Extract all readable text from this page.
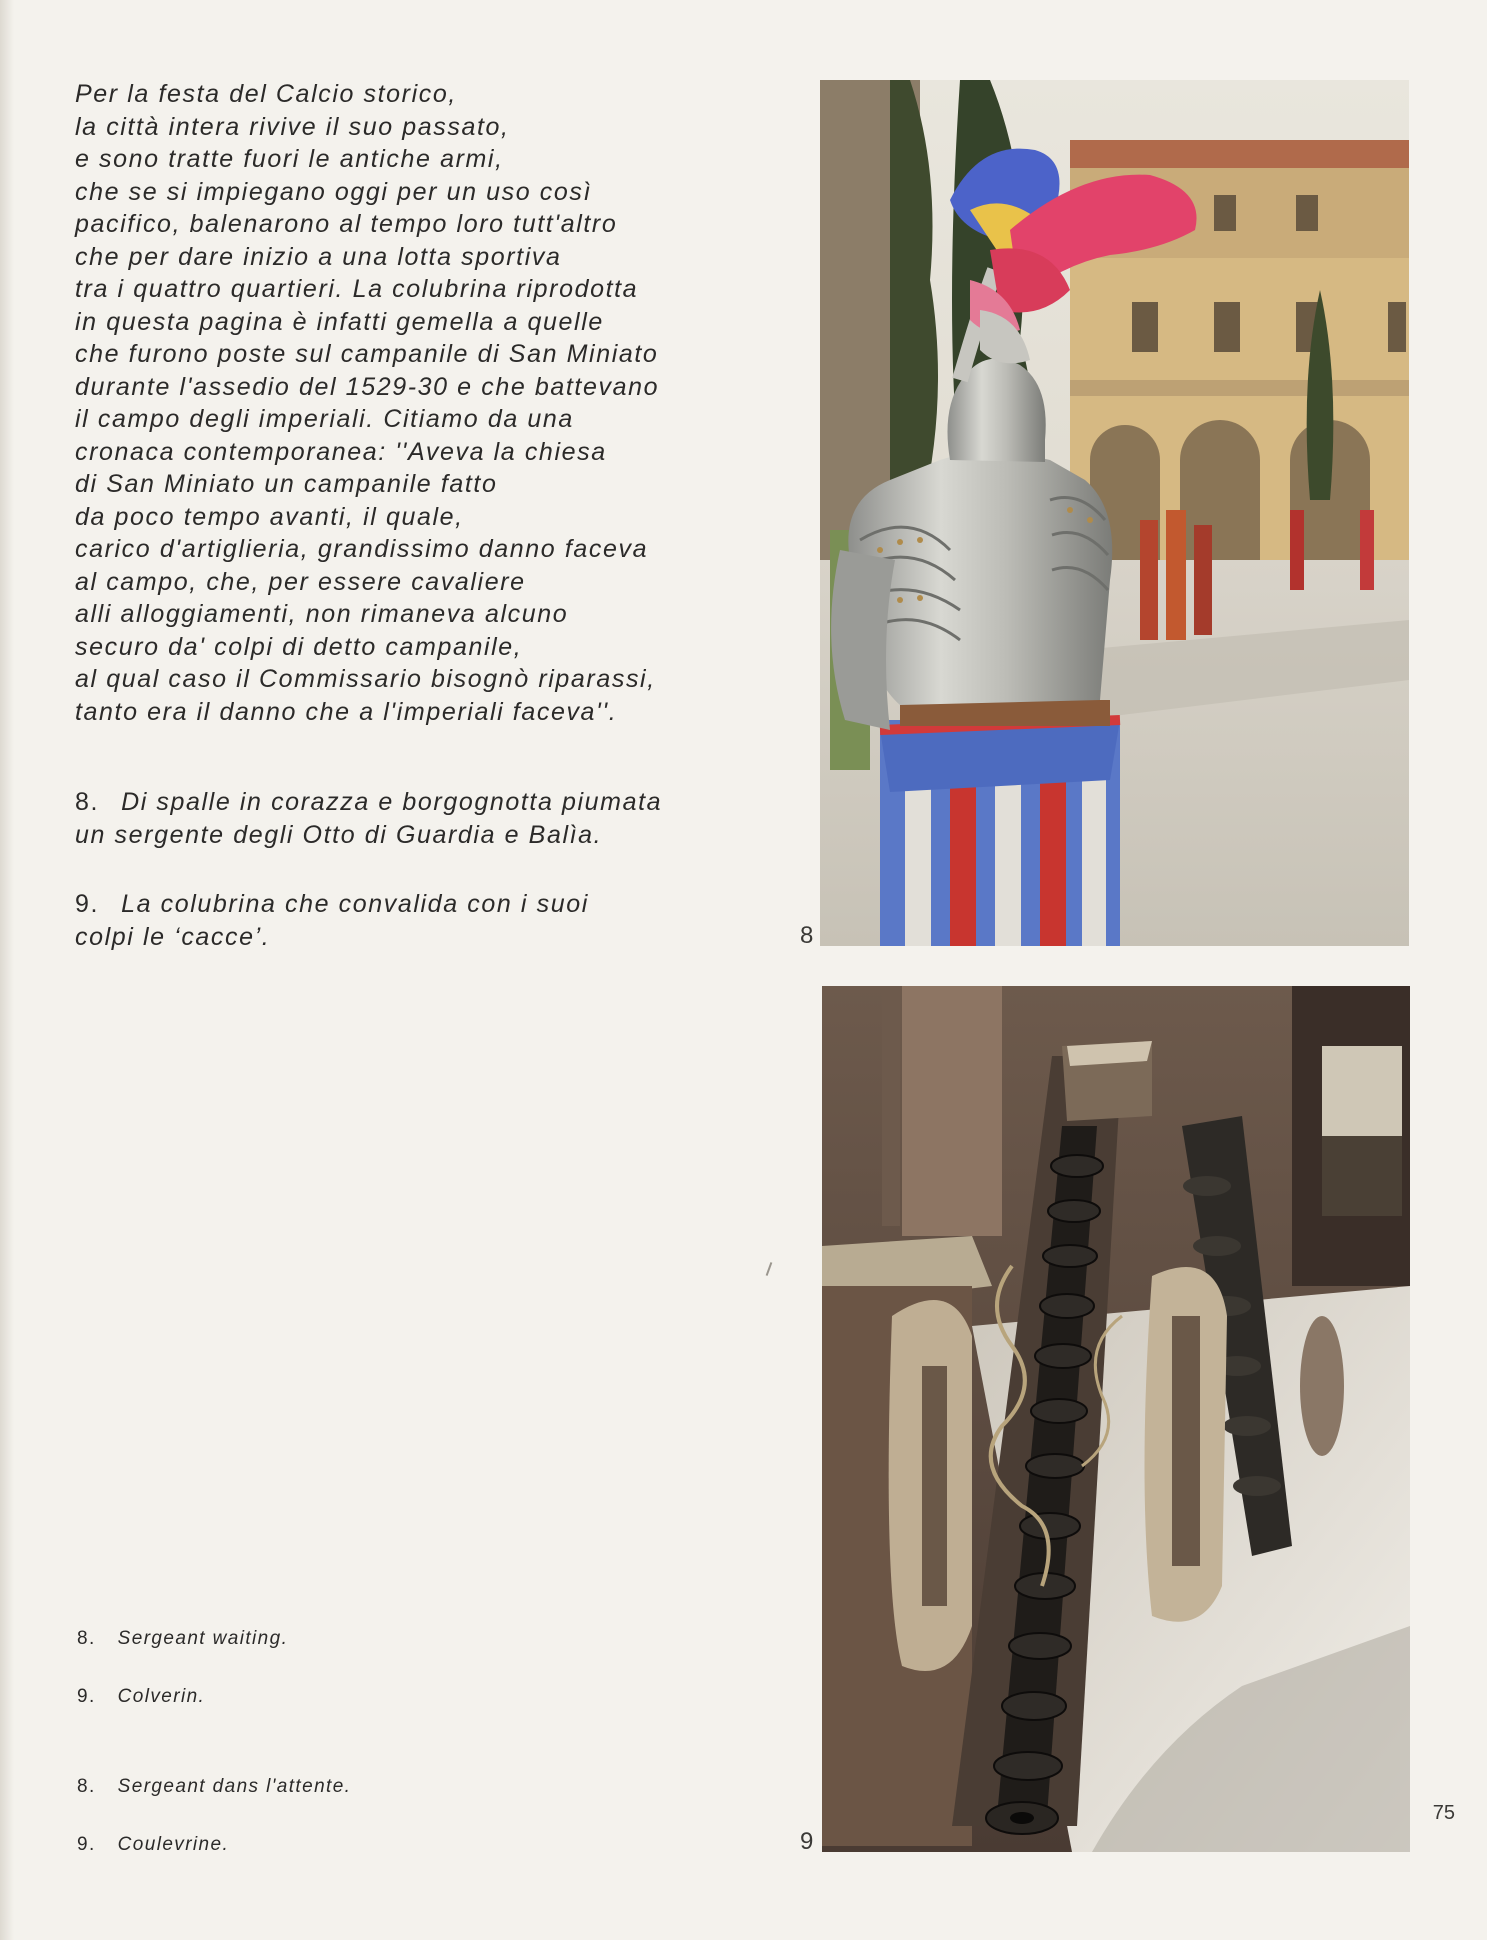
Per la festa del Calcio storico,
la città intera rivive il suo passato,
e sono tratte fuori le antiche armi,
che se si impiegano oggi per un uso così
pacifico, balenarono al tempo loro tutt'altro
che per dare inizio a una lotta sportiva
tra i quattro quartieri. La colubrina riprodotta
in questa pagina è infatti gemella a quelle
che furono poste sul campanile di San Miniato
durante l'assedio del 1529-30 e che battevano
il campo degli imperiali. Citiamo da una
cronaca contemporanea: ''Aveva la chiesa
di San Miniato un campanile fatto
da poco tempo avanti, il quale,
carico d'artiglieria, grandissimo danno faceva
al campo, che, per essere cavaliere
alli alloggiamenti, non rimaneva alcuno
securo da' colpi di detto campanile,
al qual caso il Commissario bisognò riparassi,
tanto era il danno che a l'imperiali faceva''.
8. Di spalle in corazza e borgognotta piumata
un sergente degli Otto di Guardia e Balìa.
9. La colubrina che convalida con i suoi
colpi le ‘cacce’.
8. Sergeant waiting.
9. Colverin.
8. Sergeant dans l'attente.
9. Coulevrine.
8
9
75
